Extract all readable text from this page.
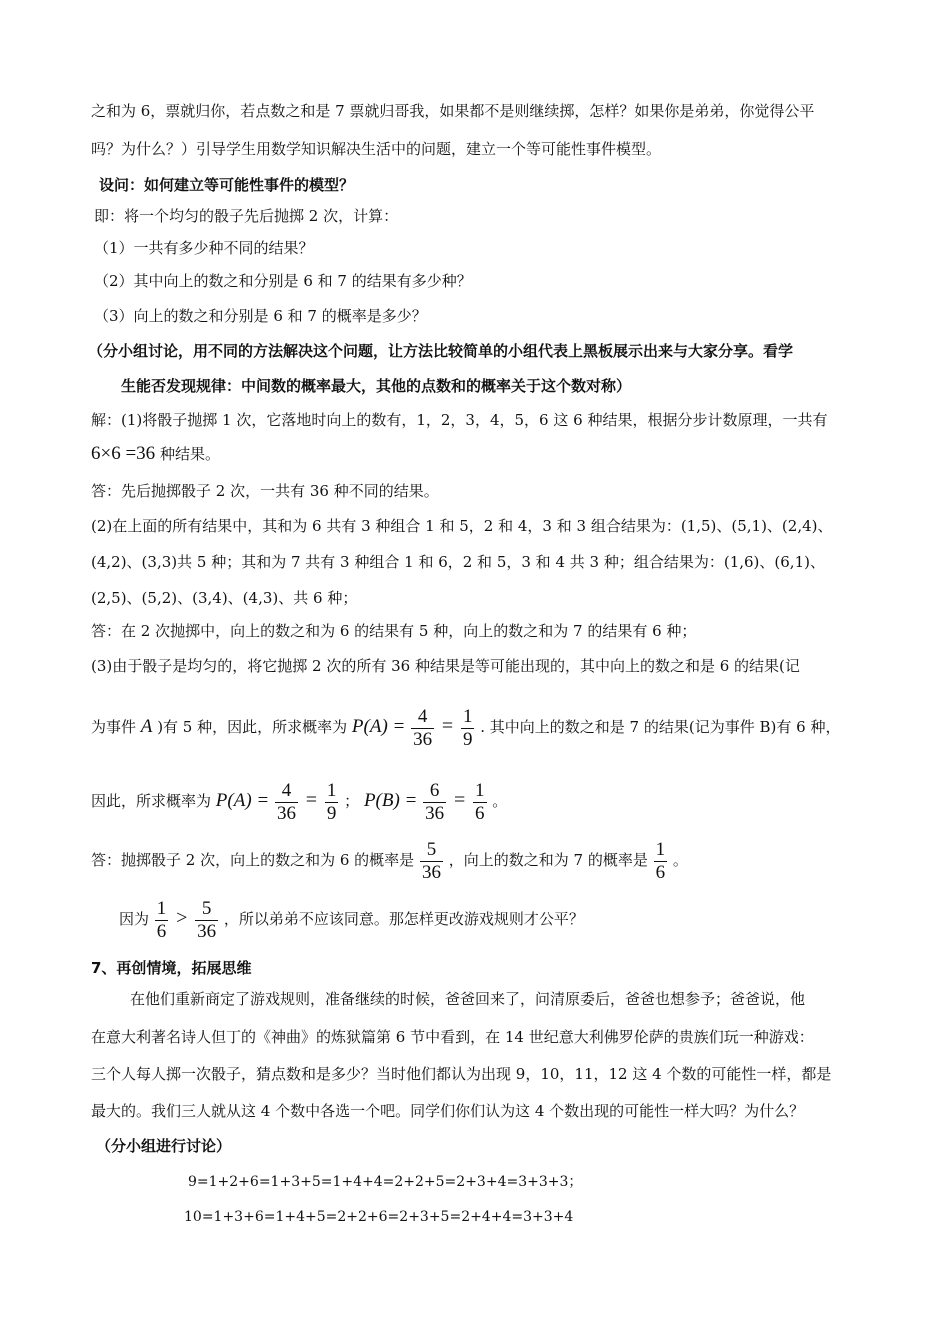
之和为 6，票就归你，若点数之和是 7 票就归哥我，如果都不是则继续掷，怎样？如果你是弟弟，你觉得公平
吗？为什么？）引导学生用数学知识解决生活中的问题，建立一个等可能性事件模型。
设问：如何建立等可能性事件的模型？
即：将一个均匀的骰子先后抛掷 2 次，计算：
（1）一共有多少种不同的结果？
（2）其中向上的数之和分别是 6 和 7 的结果有多少种？
（3）向上的数之和分别是 6 和 7 的概率是多少？
（分小组讨论，用不同的方法解决这个问题，让方法比较简单的小组代表上黑板展示出来与大家分享。看学
生能否发现规律：中间数的概率最大，其他的点数和的概率关于这个数对称）
解：(1)将骰子抛掷 1 次，它落地时向上的数有，1，2，3，4，5，6 这 6 种结果，根据分步计数原理，一共有
6×6 =36 种结果。
答：先后抛掷骰子 2 次，一共有 36 种不同的结果。
(2)在上面的所有结果中，其和为 6 共有 3 种组合 1 和 5，2 和 4，3 和 3 组合结果为：(1,5)、(5,1)、(2,4)、
(4,2)、(3,3)共 5 种；其和为 7 共有 3 种组合 1 和 6，2 和 5，3 和 4 共 3 种；组合结果为：(1,6)、(6,1)、
(2,5)、(5,2)、(3,4)、(4,3)、共 6 种；
答：在 2 次抛掷中，向上的数之和为 6 的结果有 5 种，向上的数之和为 7 的结果有 6 种；
(3)由于骰子是均匀的，将它抛掷 2 次的所有 36 种结果是等可能出现的，其中向上的数之和是 6 的结果(记
为事件 A )有 5 种，因此，所求概率为 $P(A) = \frac{4}{36} = \frac{1}{9}$ . 其中向上的数之和是 7 的结果(记为事件 B)有 6 种，
因此，所求概率为 $P(A) = \frac{4}{36} = \frac{1}{9}$ ； $P(B) = \frac{6}{36} = \frac{1}{6}$ 。
答：抛掷骰子 2 次，向上的数之和为 6 的概率是 $\frac{5}{36}$ ，向上的数之和为 7 的概率是 $\frac{1}{6}$ 。
因为 $\frac{1}{6} > \frac{5}{36}$ ，所以弟弟不应该同意。那怎样更改游戏规则才公平？
7、再创情境，拓展思维
在他们重新商定了游戏规则，准备继续的时候，爸爸回来了，问清原委后，爸爸也想参予；爸爸说，他
在意大利著名诗人但丁的《神曲》的炼狱篇第 6 节中看到，在 14 世纪意大利佛罗伦萨的贵族们玩一种游戏：
三个人每人掷一次骰子，猜点数和是多少？当时他们都认为出现 9，10，11，12 这 4 个数的可能性一样，都是
最大的。我们三人就从这 4 个数中各选一个吧。同学们你们认为这 4 个数出现的可能性一样大吗？为什么？
（分小组进行讨论）
9=1+2+6=1+3+5=1+4+4=2+2+5=2+3+4=3+3+3；
10=1+3+6=1+4+5=2+2+6=2+3+5=2+4+4=3+3+4
